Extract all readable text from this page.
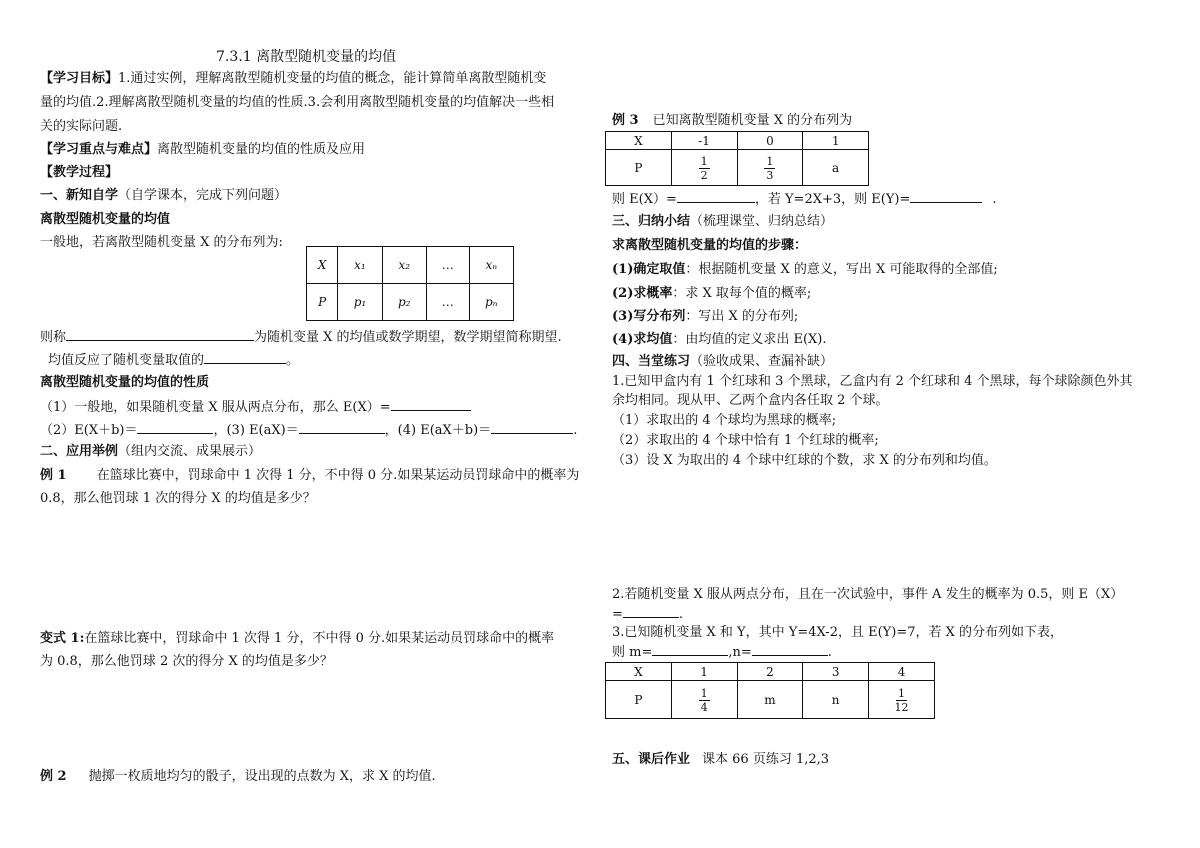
7.3.1 离散型随机变量的均值
【学习目标】1.通过实例，理解离散型随机变量的均值的概念，能计算简单离散型随机变
量的均值.2.理解离散型随机变量的均值的性质.3.会利用离散型随机变量的均值解决一些相
关的实际问题.
【学习重点与难点】离散型随机变量的均值的性质及应用
【教学过程】
一、新知自学（自学课本，完成下列问题）
离散型随机变量的均值
一般地，若离散型随机变量 X 的分布列为:
X	x₁	x₂	…	xₙ
P	p₁	p₂	…	pₙ
则称	为随机变量 X 的均值或数学期望，数学期望简称期望.
均值反应了随机变量取值的	。
离散型随机变量的均值的性质
（1）一般地，如果随机变量 X 服从两点分布，那么 E(X）=
（2）E(X＋b)＝	，(3) E(aX)＝	，(4) E(aX＋b)＝	.
二、应用举例（组内交流、成果展示）
例 1 在篮球比赛中，罚球命中 1 次得 1 分，不中得 0 分.如果某运动员罚球命中的概率为
0.8，那么他罚球 1 次的得分 X 的均值是多少？
变式 1:在篮球比赛中，罚球命中 1 次得 1 分，不中得 0 分.如果某运动员罚球命中的概率
为 0.8，那么他罚球 2 次的得分 X 的均值是多少？
例 2 抛掷一枚质地均匀的骰子，设出现的点数为 X，求 X 的均值.
例 3 已知离散型随机变量 X 的分布列为
X	-1	0	1
P	$\frac{1}{2}$	$\frac{1}{3}$	a
则 E(X）=	，若 Y=2X+3，则 E(Y)=	.
三、归纳小结（梳理课堂、归纳总结）
求离散型随机变量的均值的步骤：
(1)确定取值：根据随机变量 X 的意义，写出 X 可能取得的全部值;
(2)求概率：求 X 取每个值的概率;
(3)写分布列：写出 X 的分布列;
(4)求均值：由均值的定义求出 E(X).
四、当堂练习（验收成果、查漏补缺）
1.已知甲盒内有 1 个红球和 3 个黑球，乙盒内有 2 个红球和 4 个黑球，每个球除颜色外其
余均相同。现从甲、乙两个盒内各任取 2 个球。
（1）求取出的 4 个球均为黑球的概率;
（2）求取出的 4 个球中恰有 1 个红球的概率;
（3）设 X 为取出的 4 个球中红球的个数，求 X 的分布列和均值。
2.若随机变量 X 服从两点分布，且在一次试验中，事件 A 发生的概率为 0.5，则 E（X）
=	.
3.已知随机变量 X 和 Y，其中 Y=4X-2，且 E(Y)=7，若 X 的分布列如下表，
则 m=	,n=	.
X	1	2	3	4
P	$\frac{1}{4}$	m	n	$\frac{1}{12}$
五、课后作业 课本 66 页练习 1,2,3
